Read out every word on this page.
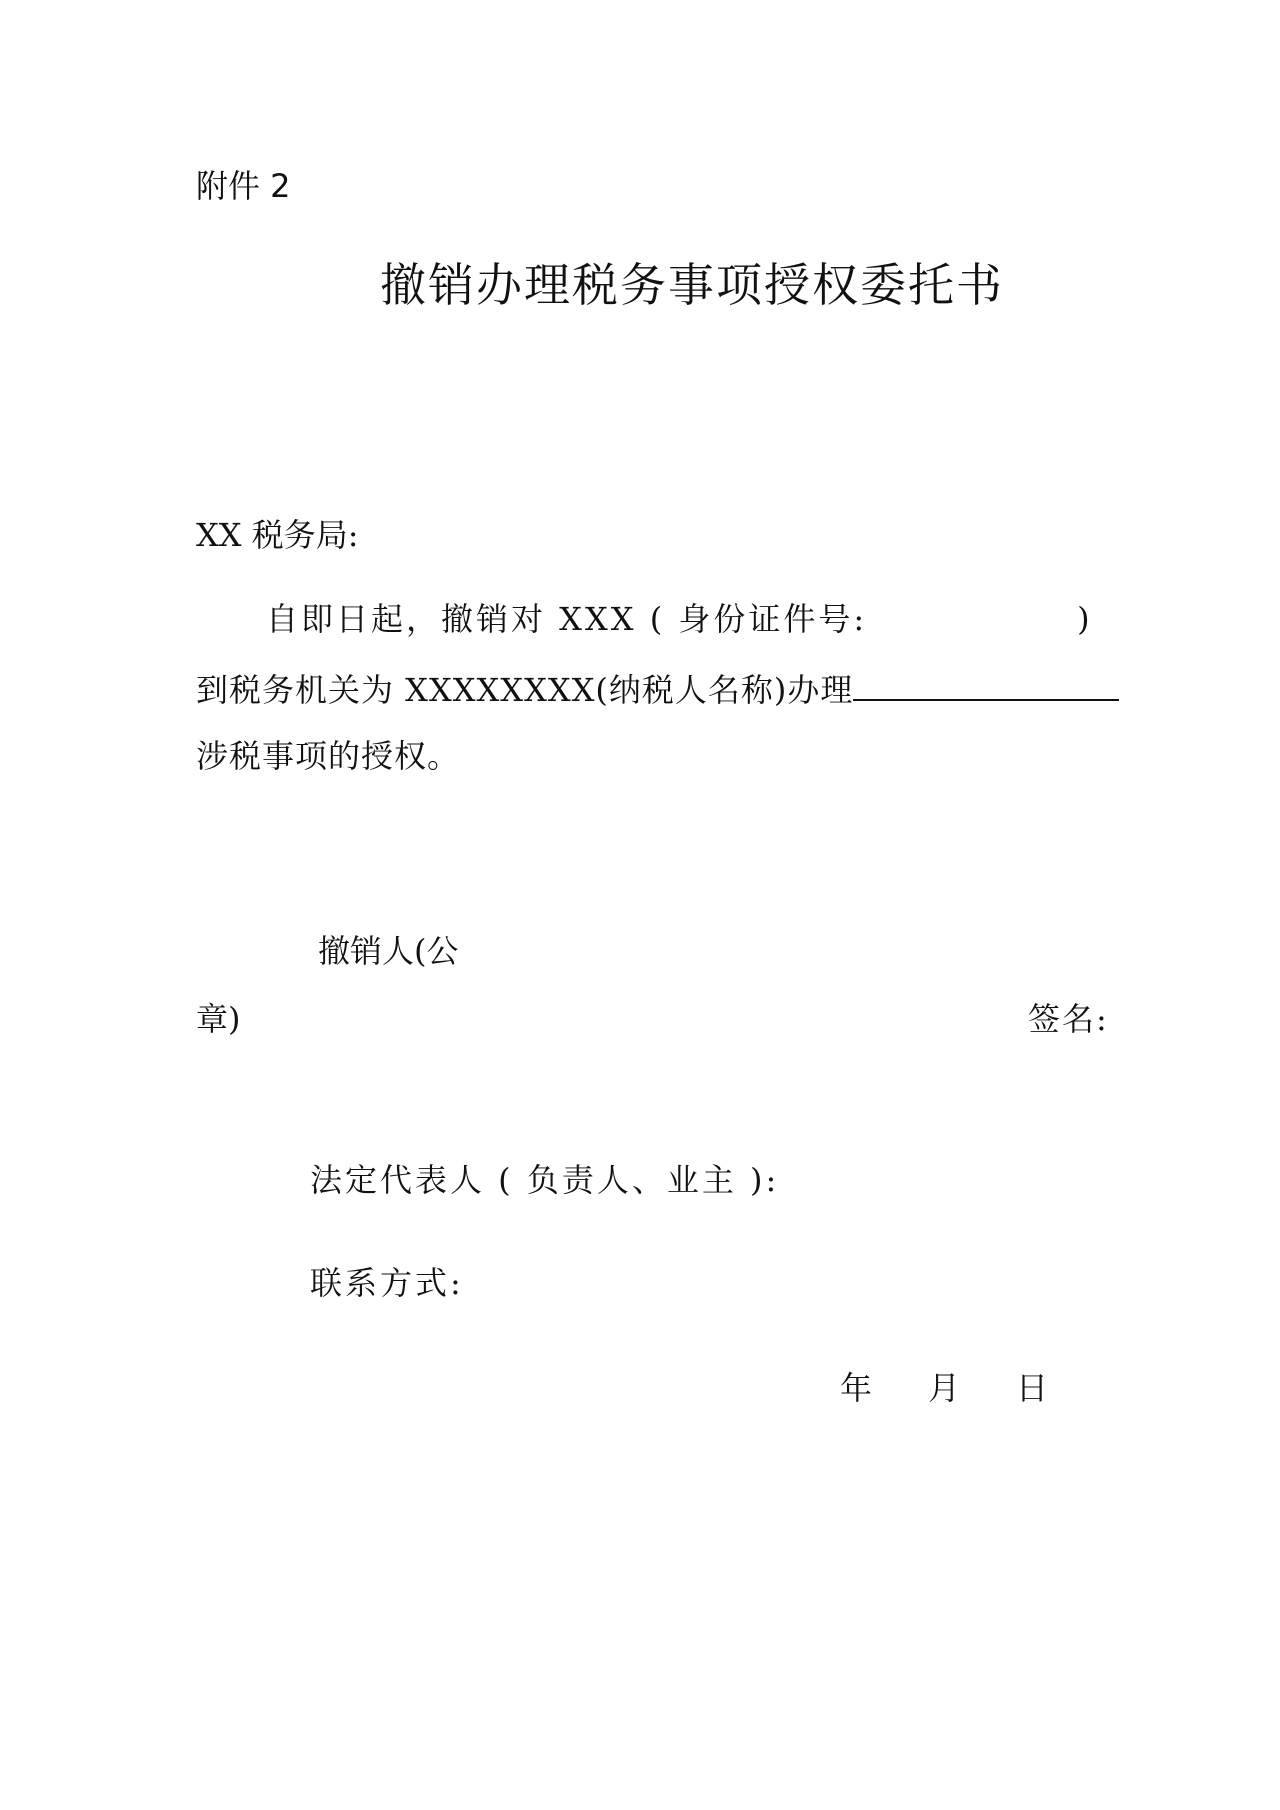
附件 2

撤销办理税务事项授权委托书

XX 税务局:

自即日起，撤销对 XXX ( 身份证件号:	)

到税务机关为 XXXXXXXX(纳税人名称)办理

涉税事项的授权。

撤销人(公

章)	签名:

法定代表人 ( 负责人、业主 ):

联系方式:

年 月 日
